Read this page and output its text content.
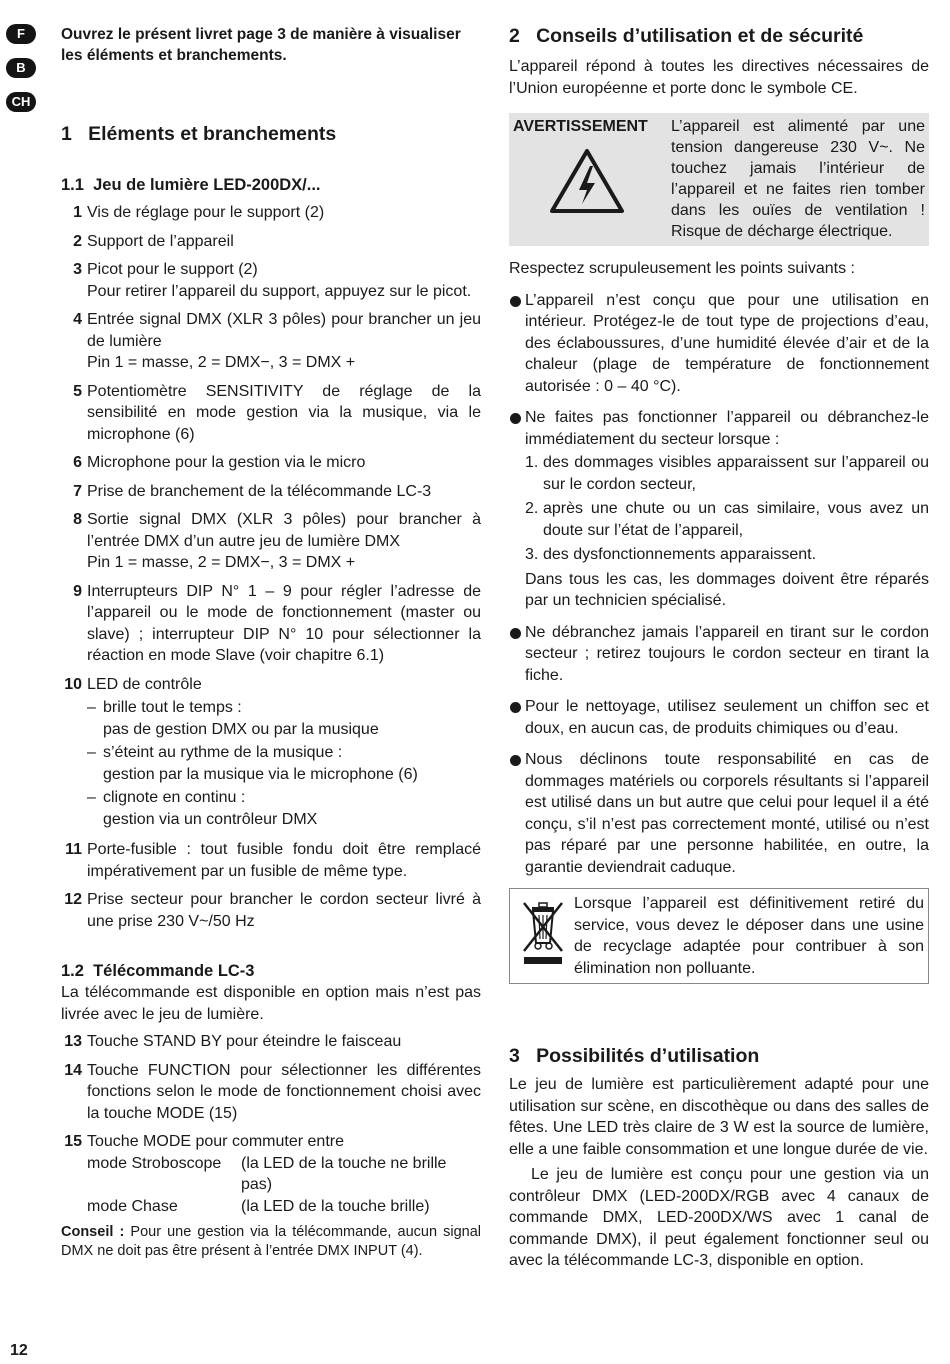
F
B
CH

Ouvrez le présent livret page 3 de manière à visualiser les éléments et branchements.

1   Eléments et branchements
1.1  Jeu de lumière LED-200DX/...
1 Vis de réglage pour le support (2)
2 Support de l’appareil
3 Picot pour le support (2)
Pour retirer l’appareil du support, appuyez sur le picot.
4 Entrée signal DMX (XLR 3 pôles) pour brancher un jeu de lumière
Pin 1 = masse, 2 = DMX−, 3 = DMX +
5 Potentiomètre SENSITIVITY de réglage de la sensibilité en mode gestion via la musique, via le microphone (6)
6 Microphone pour la gestion via le micro
7 Prise de branchement de la télécommande LC-3
8 Sortie signal DMX (XLR 3 pôles) pour brancher à l’entrée DMX d’un autre jeu de lumière DMX
Pin 1 = masse, 2 = DMX−, 3 = DMX +
9 Interrupteurs DIP N° 1 – 9 pour régler l’adresse de l’appareil ou le mode de fonctionnement (master ou slave) ; interrupteur DIP N° 10 pour sélectionner la réaction en mode Slave (voir chapitre 6.1)
10 LED de contrôle
– brille tout le temps :
pas de gestion DMX ou par la musique
– s’éteint au rythme de la musique :
gestion par la musique via le microphone (6)
– clignote en continu :
gestion via un contrôleur DMX
11 Porte-fusible : tout fusible fondu doit être remplacé impérativement par un fusible de même type.
12 Prise secteur pour brancher le cordon secteur livré à une prise 230 V~/50 Hz
1.2  Télécommande LC-3

La télécommande est disponible en option mais n’est pas livrée avec le jeu de lumière.

13 Touche STAND BY pour éteindre le faisceau
14 Touche FUNCTION pour sélectionner les différentes fonctions selon le mode de fonctionnement choisi avec la touche MODE (15)
15 Touche MODE pour commuter entre
mode Stroboscope	(la LED de la touche ne brille pas)
mode Chase	(la LED de la touche brille)

Conseil : Pour une gestion via la télécommande, aucun signal DMX ne doit pas être présent à l’entrée DMX INPUT (4).

2   Conseils d’utilisation et de sécurité

L’appareil répond à toutes les directives nécessaires de l’Union européenne et porte donc le symbole CE.

AVERTISSEMENT	L’appareil est alimenté par une tension dangereuse 230 V~. Ne touchez jamais l’intérieur de l’appareil et ne faites rien tomber dans les ouïes de ventilation ! Risque de décharge électrique.

Respectez scrupuleusement les points suivants :

L’appareil n’est conçu que pour une utilisation en intérieur. Protégez-le de tout type de projections d’eau, des éclaboussures, d’une humidité élevée d’air et de la chaleur (plage de température de fonctionnement autorisée : 0 – 40 °C).
Ne faites pas fonctionner l’appareil ou débranchez-le immédiatement du secteur lorsque :
1. des dommages visibles apparaissent sur l’appareil ou sur le cordon secteur,
2. après une chute ou un cas similaire, vous avez un doute sur l’état de l’appareil,
3. des dysfonctionnements apparaissent.
Dans tous les cas, les dommages doivent être réparés par un technicien spécialisé.
Ne débranchez jamais l’appareil en tirant sur le cordon secteur ; retirez toujours le cordon secteur en tirant la fiche.
Pour le nettoyage, utilisez seulement un chiffon sec et doux, en aucun cas, de produits chimiques ou d’eau.
Nous déclinons toute responsabilité en cas de dommages matériels ou corporels résultants si l’appareil est utilisé dans un but autre que celui pour lequel il a été conçu, s’il n’est pas correctement monté, utilisé ou n’est pas réparé par une personne habilitée, en outre, la garantie deviendrait caduque.

Lorsque l’appareil est définitivement retiré du service, vous devez le déposer dans une usine de recyclage adaptée pour contribuer à son élimination non polluante.

3   Possibilités d’utilisation

Le jeu de lumière est particulièrement adapté pour une utilisation sur scène, en discothèque ou dans des salles de fêtes. Une LED très claire de 3 W est la source de lumière, elle a une faible consommation et une longue durée de vie.

Le jeu de lumière est conçu pour une gestion via un contrôleur DMX (LED-200DX/RGB avec 4 canaux de commande DMX, LED-200DX/WS avec 1 canal de commande DMX), il peut également fonctionner seul ou avec la télécommande LC-3, disponible en option.

12
